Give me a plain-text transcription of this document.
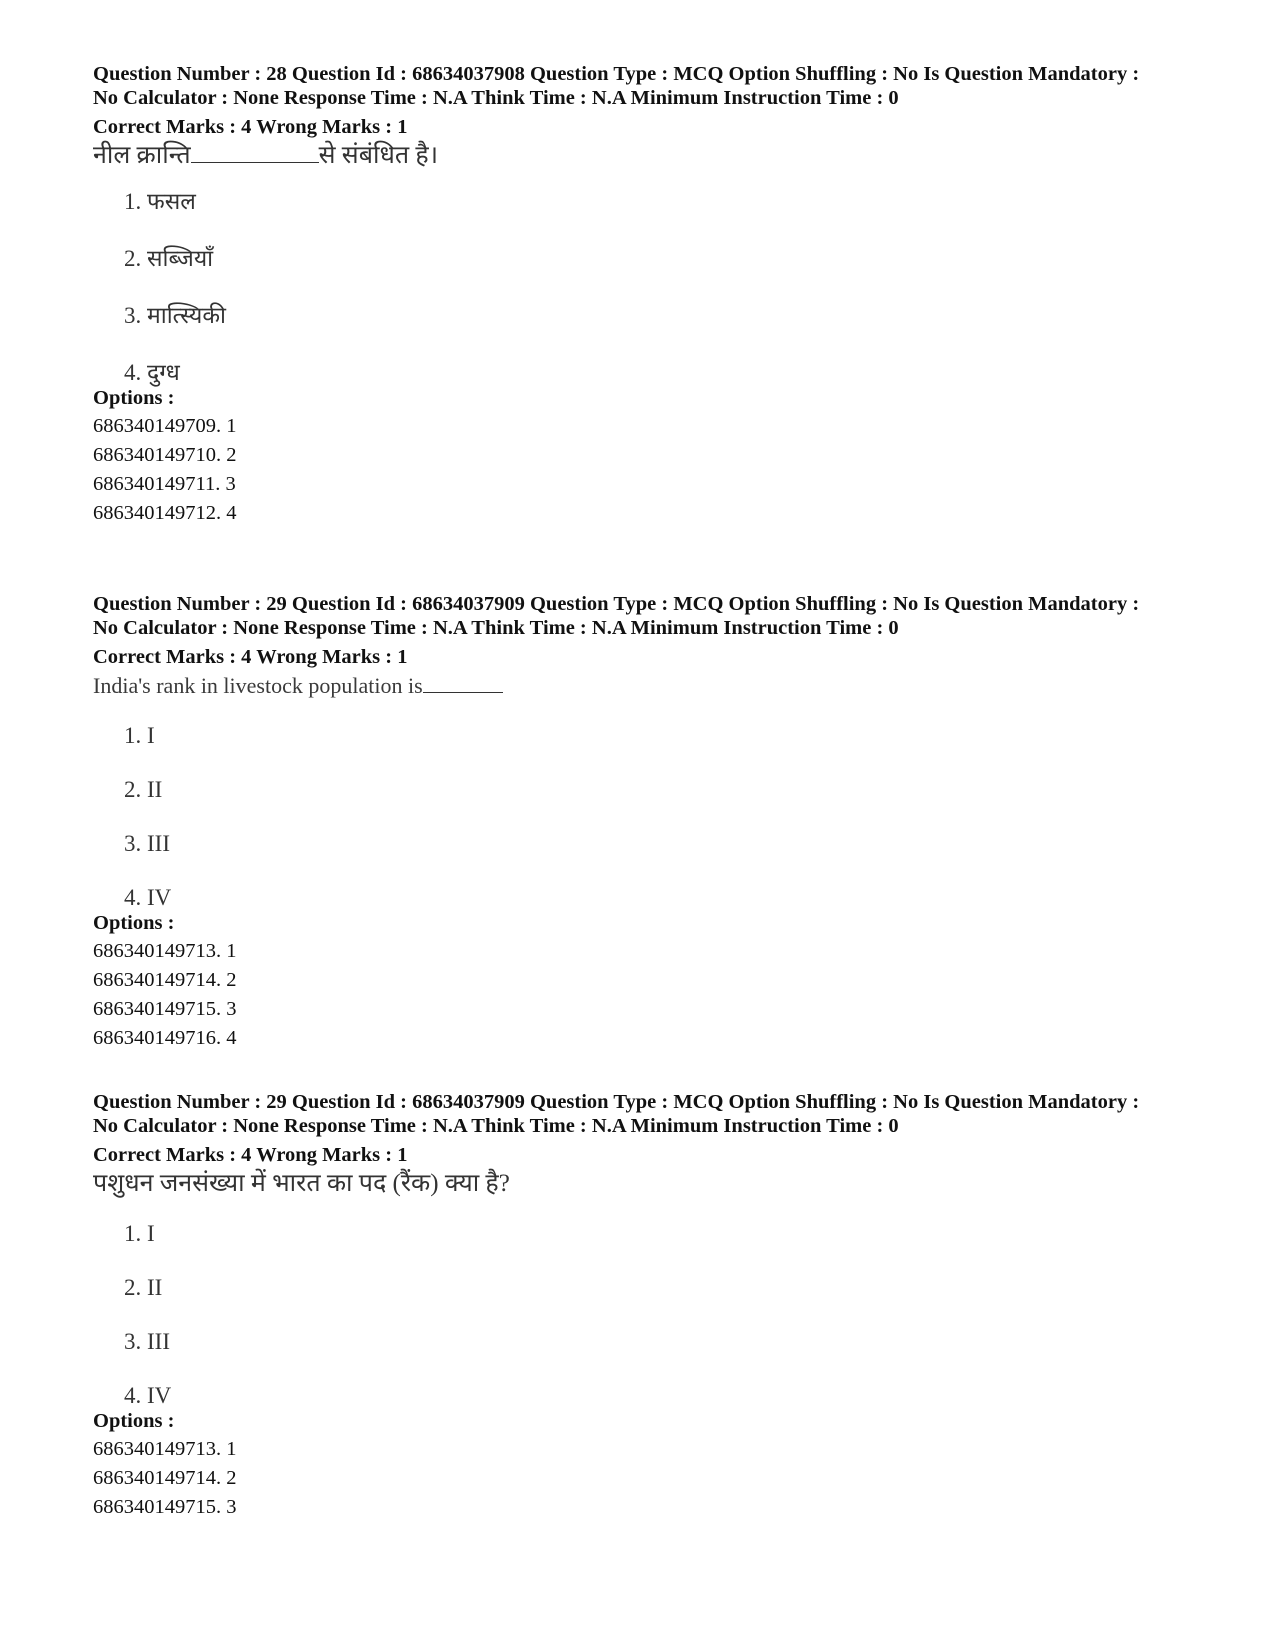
Question Number : 28 Question Id : 68634037908 Question Type : MCQ Option Shuffling : No Is Question Mandatory :
No Calculator : None Response Time : N.A Think Time : N.A Minimum Instruction Time : 0
Correct Marks : 4 Wrong Marks : 1
नील क्रान्ति	से संबंधित है।
1. फसल
2. सब्जियाँ
3. मात्स्यिकी
4. दुग्ध
Options :
686340149709. 1
686340149710. 2
686340149711. 3
686340149712. 4
Question Number : 29 Question Id : 68634037909 Question Type : MCQ Option Shuffling : No Is Question Mandatory :
No Calculator : None Response Time : N.A Think Time : N.A Minimum Instruction Time : 0
Correct Marks : 4 Wrong Marks : 1
India's rank in livestock population is
1. I
2. II
3. III
4. IV
Options :
686340149713. 1
686340149714. 2
686340149715. 3
686340149716. 4
Question Number : 29 Question Id : 68634037909 Question Type : MCQ Option Shuffling : No Is Question Mandatory :
No Calculator : None Response Time : N.A Think Time : N.A Minimum Instruction Time : 0
Correct Marks : 4 Wrong Marks : 1
पशुधन जनसंख्या में भारत का पद (रैंक) क्या है?
1. I
2. II
3. III
4. IV
Options :
686340149713. 1
686340149714. 2
686340149715. 3
